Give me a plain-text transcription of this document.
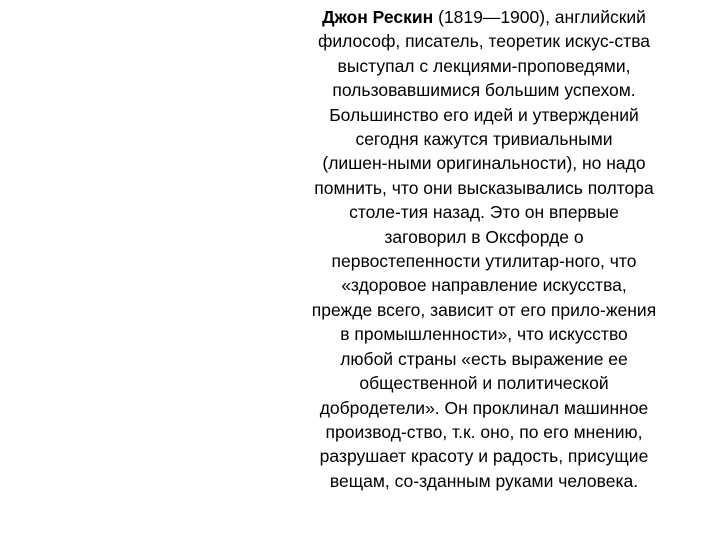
Джон Рескин (1819—1900), английский
философ, писатель, теоретик искус-ства
выступал с лекциями-проповедями,
пользовавшимися большим успехом.
Большинство его идей и утверждений
сегодня кажутся тривиальными
(лишен-ными оригинальности), но надо
помнить, что они высказывались полтора
столе-тия назад. Это он впервые
заговорил в Оксфорде о
первостепенности утилитар-ного, что
«здоровое направление искусства,
прежде всего, зависит от его прило-жения
в промышленности», что искусство
любой страны «есть выражение ее
общественной и политической
добродетели». Он проклинал машинное
производ-ство, т.к. оно, по его мнению,
разрушает красоту и радость, присущие
вещам, со-зданным руками человека.
